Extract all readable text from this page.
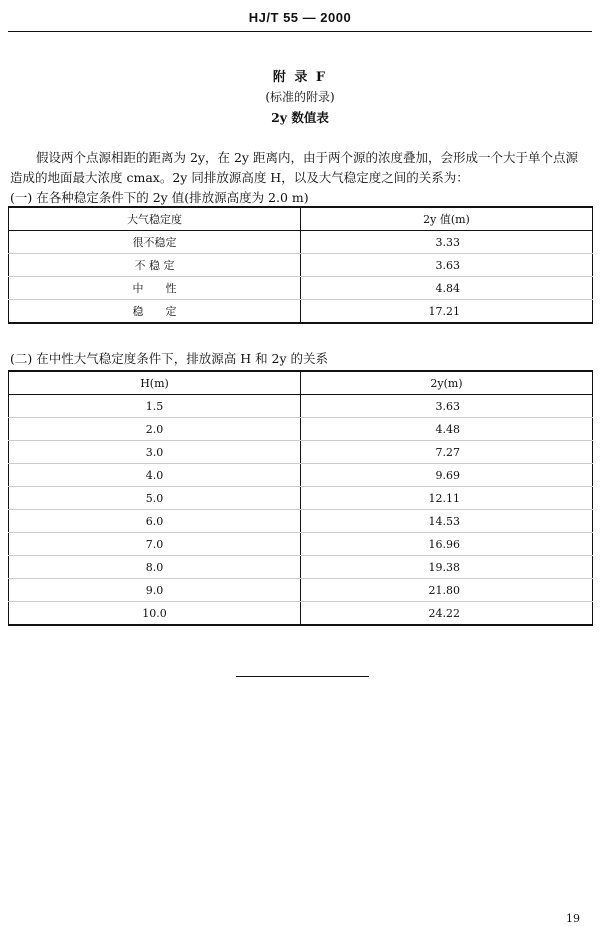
HJ/T 55 — 2000
附 录 F
(标准的附录)
2y 数值表

假设两个点源相距的距离为 2y，在 2y 距离内，由于两个源的浓度叠加，会形成一个大于单个点源

造成的地面最大浓度 cmax。2y 同排放源高度 H，以及大气稳定度之间的关系为：

(一) 在各种稳定条件下的 2y 值(排放源高度为 2.0 m)
大气稳定度	2y 值(m)
很不稳定	3.33
不 稳 定	3.63
中　　性	4.84
稳　　定	17.21
(二) 在中性大气稳定度条件下，排放源高 H 和 2y 的关系
H(m)	2y(m)
1.5	3.63
2.0	4.48
3.0	7.27
4.0	9.69
5.0	12.11
6.0	14.53
7.0	16.96
8.0	19.38
9.0	21.80
10.0	24.22
19
